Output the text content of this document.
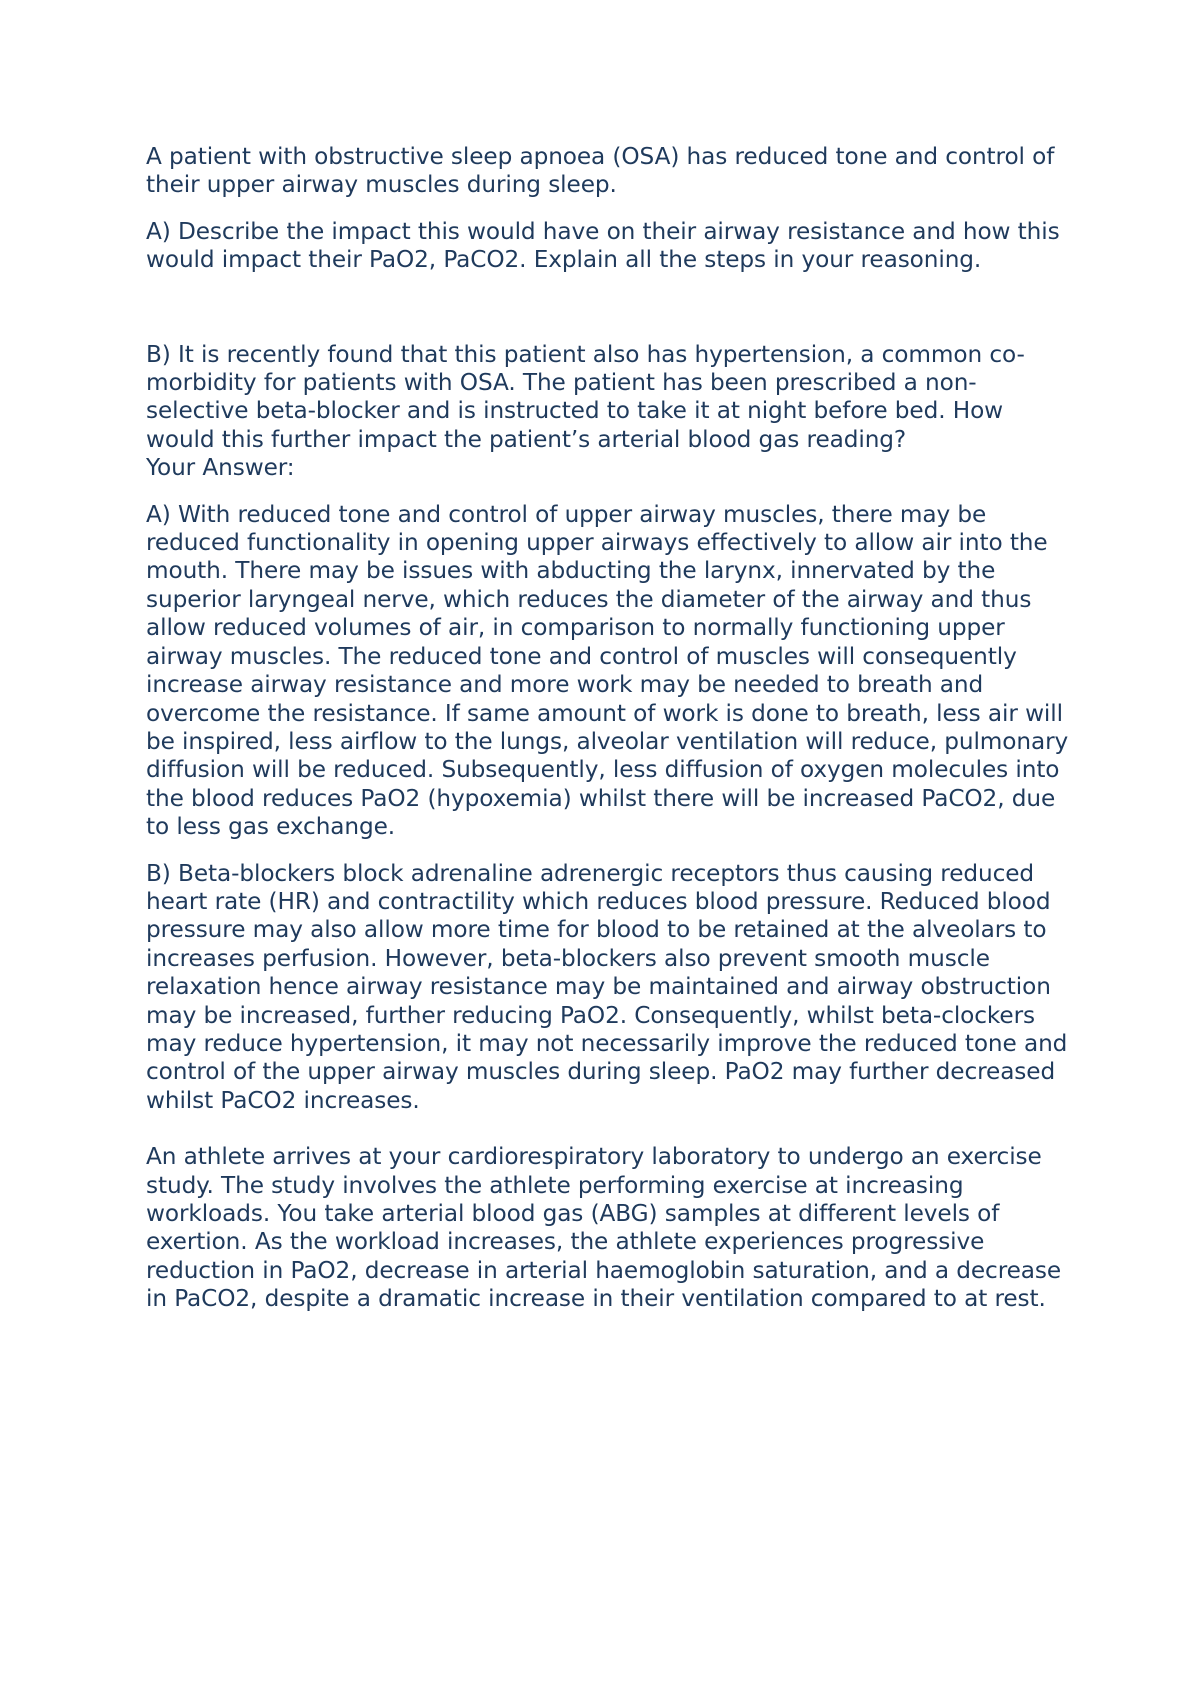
A patient with obstructive sleep apnoea (OSA) has reduced tone and control of their upper airway muscles during sleep.

A) Describe the impact this would have on their airway resistance and how this would impact their PaO2, PaCO2. Explain all the steps in your reasoning.

B) It is recently found that this patient also has hypertension, a common co-morbidity for patients with OSA. The patient has been prescribed a non-selective beta-blocker and is instructed to take it at night before bed. How would this further impact the patient’s arterial blood gas reading?

Your Answer:

A) With reduced tone and control of upper airway muscles, there may be reduced functionality in opening upper airways effectively to allow air into the mouth. There may be issues with abducting the larynx, innervated by the superior laryngeal nerve, which reduces the diameter of the airway and thus allow reduced volumes of air, in comparison to normally functioning upper airway muscles. The reduced tone and control of muscles will consequently increase airway resistance and more work may be needed to breath and overcome the resistance. If same amount of work is done to breath, less air will be inspired, less airflow to the lungs, alveolar ventilation will reduce, pulmonary diffusion will be reduced. Subsequently, less diffusion of oxygen molecules into the blood reduces PaO2 (hypoxemia) whilst there will be increased PaCO2, due to less gas exchange.

B) Beta-blockers block adrenaline adrenergic receptors thus causing reduced heart rate (HR) and contractility which reduces blood pressure. Reduced blood pressure may also allow more time for blood to be retained at the alveolars to increases perfusion. However, beta-blockers also prevent smooth muscle relaxation hence airway resistance may be maintained and airway obstruction may be increased, further reducing PaO2. Consequently, whilst beta-clockers may reduce hypertension, it may not necessarily improve the reduced tone and control of the upper airway muscles during sleep. PaO2 may further decreased whilst PaCO2 increases.

An athlete arrives at your cardiorespiratory laboratory to undergo an exercise study. The study involves the athlete performing exercise at increasing workloads. You take arterial blood gas (ABG) samples at different levels of exertion. As the workload increases, the athlete experiences progressive reduction in PaO2, decrease in arterial haemoglobin saturation, and a decrease in PaCO2, despite a dramatic increase in their ventilation compared to at rest.
